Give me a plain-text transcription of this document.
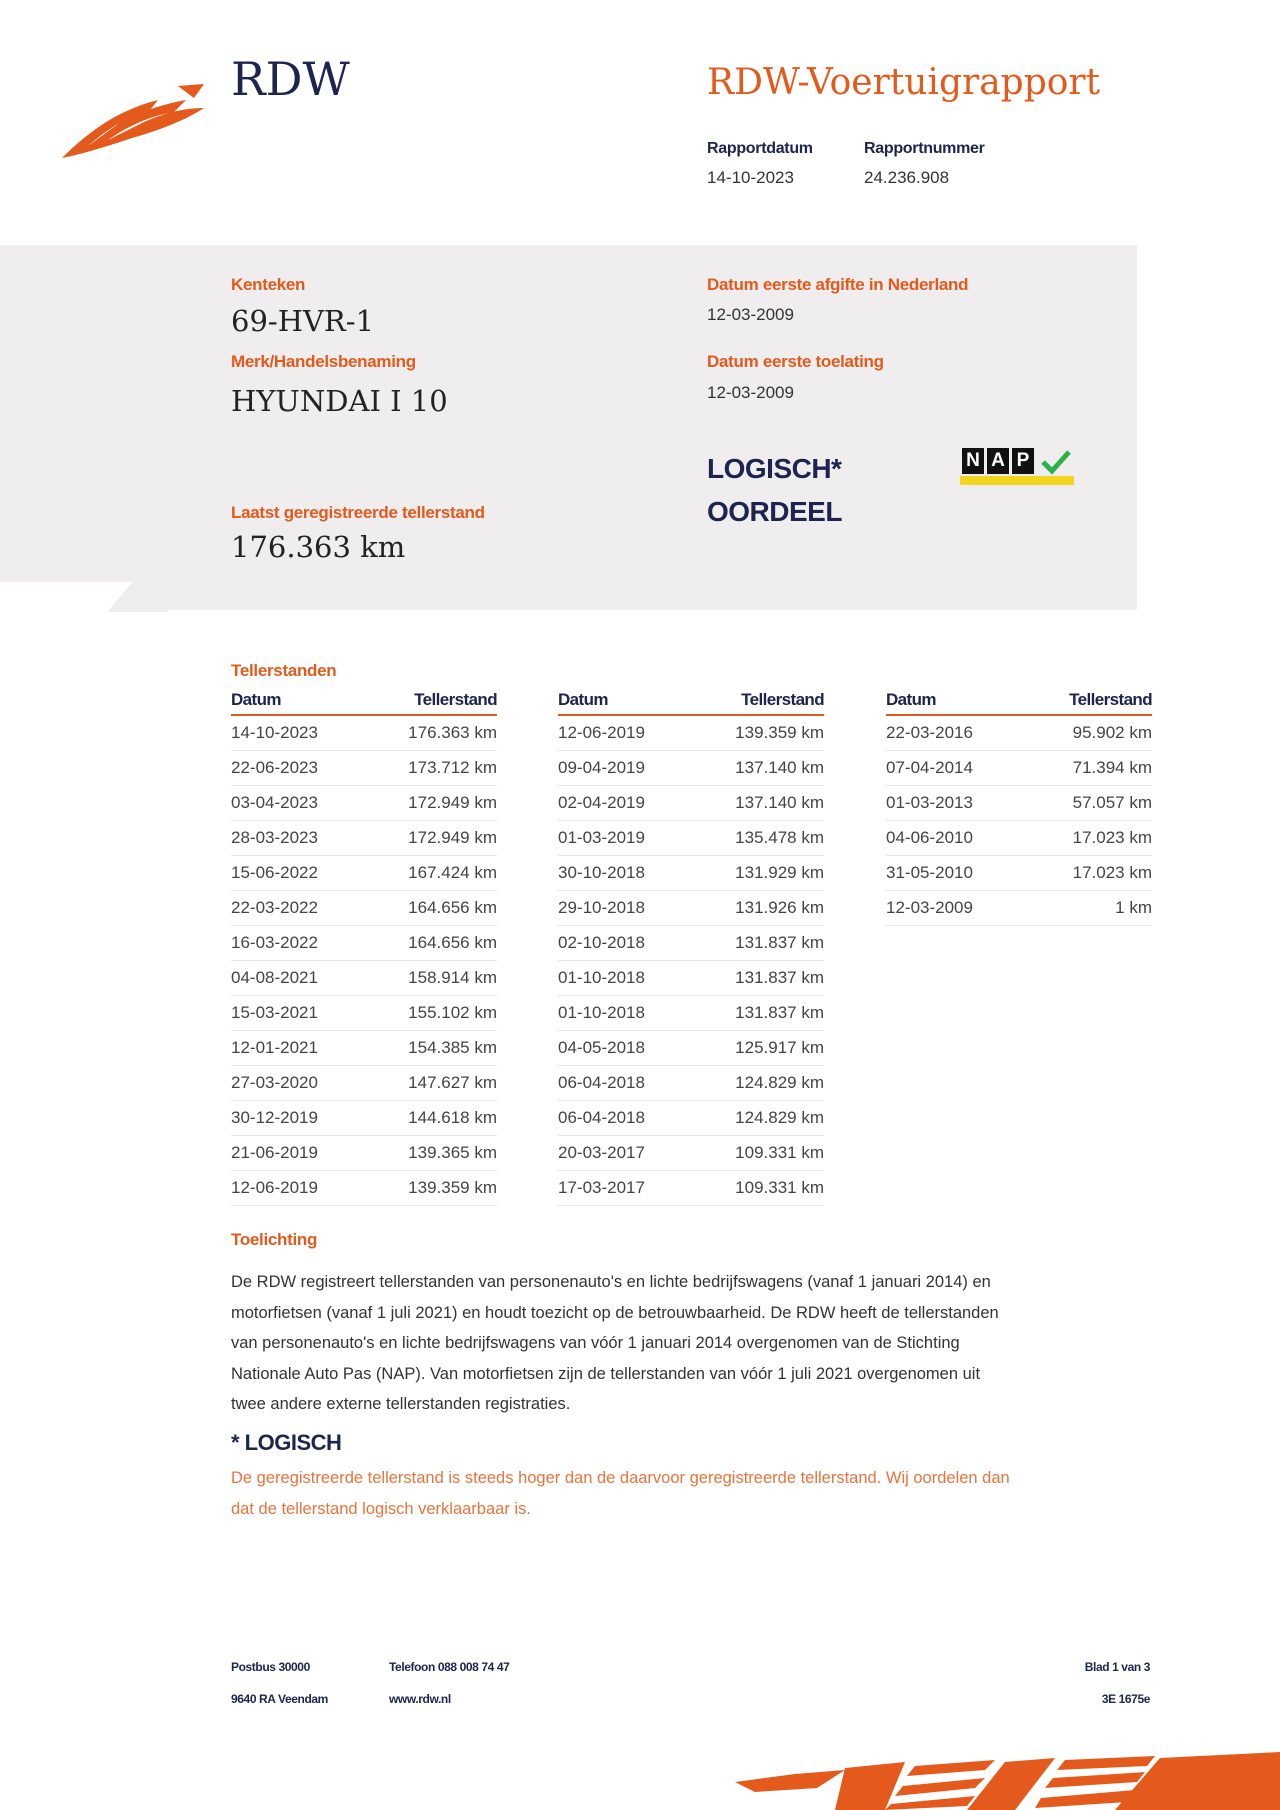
RDW	RDW-Voertuigrapport
Rapportdatum
14-10-2023
Rapportnummer
24.236.908
Kenteken
69-HVR-1
Merk/Handelsbenaming
HYUNDAI I 10
Laatst geregistreerde tellerstand
176.363 km
Datum eerste afgifte in Nederland
12-03-2009
Datum eerste toelating
12-03-2009
LOGISCH*
OORDEEL
N A P
Tellerstanden
Datum	Tellerstand
14-10-2023	176.363 km
22-06-2023	173.712 km
03-04-2023	172.949 km
28-03-2023	172.949 km
15-06-2022	167.424 km
22-03-2022	164.656 km
16-03-2022	164.656 km
04-08-2021	158.914 km
15-03-2021	155.102 km
12-01-2021	154.385 km
27-03-2020	147.627 km
30-12-2019	144.618 km
21-06-2019	139.365 km
12-06-2019	139.359 km
Datum	Tellerstand
12-06-2019	139.359 km
09-04-2019	137.140 km
02-04-2019	137.140 km
01-03-2019	135.478 km
30-10-2018	131.929 km
29-10-2018	131.926 km
02-10-2018	131.837 km
01-10-2018	131.837 km
01-10-2018	131.837 km
04-05-2018	125.917 km
06-04-2018	124.829 km
06-04-2018	124.829 km
20-03-2017	109.331 km
17-03-2017	109.331 km
Datum	Tellerstand
22-03-2016	95.902 km
07-04-2014	71.394 km
01-03-2013	57.057 km
04-06-2010	17.023 km
31-05-2010	17.023 km
12-03-2009	1 km
Toelichting
De RDW registreert tellerstanden van personenauto's en lichte bedrijfswagens (vanaf 1 januari 2014) en
motorfietsen (vanaf 1 juli 2021) en houdt toezicht op de betrouwbaarheid. De RDW heeft de tellerstanden
van personenauto's en lichte bedrijfswagens van vóór 1 januari 2014 overgenomen van de Stichting
Nationale Auto Pas (NAP). Van motorfietsen zijn de tellerstanden van vóór 1 juli 2021 overgenomen uit
twee andere externe tellerstanden registraties.
* LOGISCH
De geregistreerde tellerstand is steeds hoger dan de daarvoor geregistreerde tellerstand. Wij oordelen dan
dat de tellerstand logisch verklaarbaar is.
Postbus 30000
9640 RA Veendam
Telefoon 088 008 74 47
www.rdw.nl
Blad 1 van 3
3E 1675e
